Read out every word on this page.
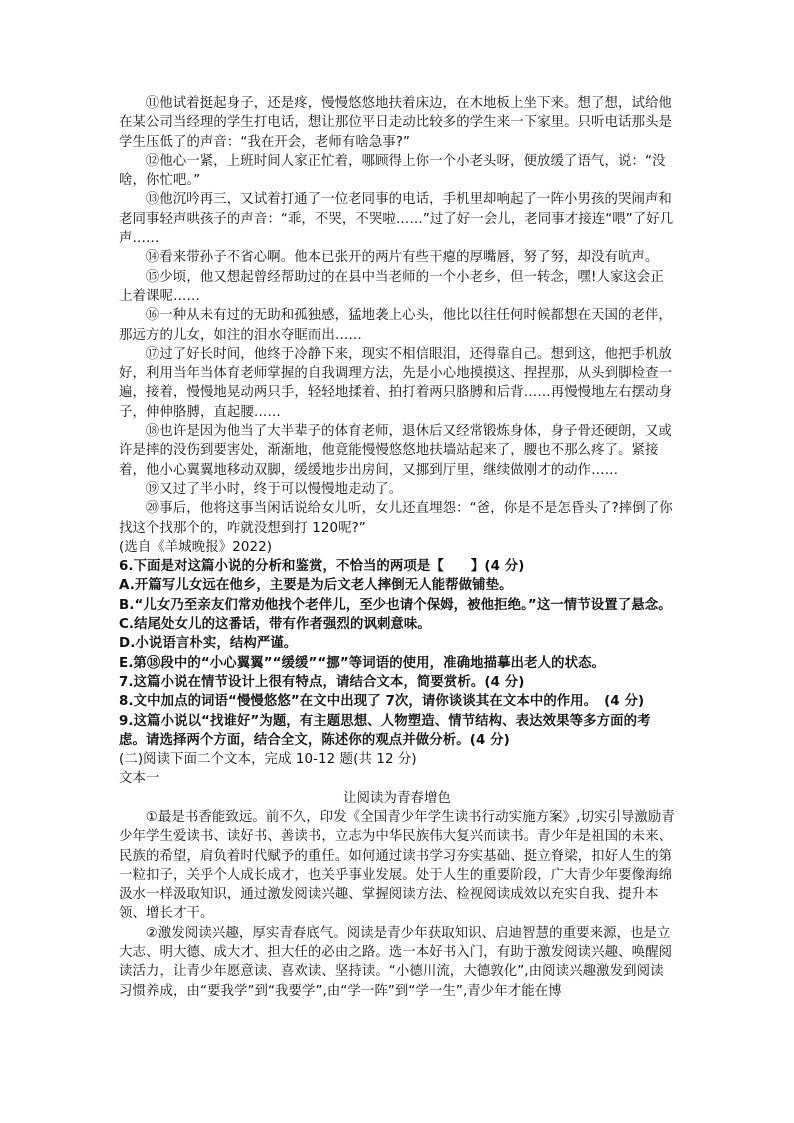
⑪他试着挺起身子，还是疼，慢慢悠悠地扶着床边，在木地板上坐下来。想了想，试给他在某公司当经理的学生打电话，想让那位平日走动比较多的学生来一下家里。只听电话那头是学生压低了的声音：“我在开会，老师有啥急事?”

⑫他心一紧，上班时间人家正忙着，哪顾得上你一个小老头呀，便放缓了语气，说：“没啥，你忙吧。”

⑬他沉吟再三，又试着打通了一位老同事的电话，手机里却响起了一阵小男孩的哭闹声和老同事轻声哄孩子的声音：“乖，不哭，不哭啦……”过了好一会儿，老同事才接连“喂”了好几声……

⑭看来带孙子不省心啊。他本已张开的两片有些干瘪的厚嘴唇，努了努，却没有吭声。

⑮少顷，他又想起曾经帮助过的在县中当老师的一个小老乡，但一转念，嘿!人家这会正上着课呢……

⑯一种从未有过的无助和孤独感，猛地袭上心头，他比以往任何时候都想在天国的老伴，那远方的儿女，如注的泪水夺眶而出……

⑰过了好长时间，他终于冷静下来，现实不相信眼泪，还得靠自己。想到这，他把手机放好，利用当年当体育老师掌握的自我调理方法，先是小心地摸摸这、捏捏那，从头到脚检查一遍，接着，慢慢地晃动两只手，轻轻地揉着、拍打着两只胳膊和后背……再慢慢地左右摆动身子，伸伸胳膊，直起腰……

⑱也许是因为他当了大半辈子的体育老师，退休后又经常锻炼身体，身子骨还硬朗，又或许是摔的没伤到要害处，渐渐地，他竟能慢慢悠悠地扶墙站起来了，腰也不那么疼了。紧接着，他小心翼翼地移动双脚，缓缓地步出房间，又挪到厅里，继续做刚才的动作……

⑲又过了半小时，终于可以慢慢地走动了。

⑳事后，他将这事当闲话说给女儿听，女儿还直埋怨：“爸，你是不是怎昏头了?摔倒了你找这个找那个的，咋就没想到打 120呢?”

(选自《羊城晚报》2022)

6.下面是对这篇小说的分析和鉴赏，不恰当的两项是【　　】(4 分)

A.开篇写儿女远在他乡，主要是为后文老人摔倒无人能帮做铺垫。

B.“儿女乃至亲友们常劝他找个老伴儿，至少也请个保姆，被他拒绝。”这一情节设置了悬念。

C.结尾处女儿的这番话，带有作者强烈的讽刺意味。

D.小说语言朴实，结构严谨。

E.第⑱段中的“小心翼翼”“缓缓”“挪”等词语的使用，准确地描摹出老人的状态。

7.这篇小说在情节设计上很有特点，请结合文本，简要赏析。(4 分)

8.文中加点的词语“慢慢悠悠”在文中出现了 7次，请你谈谈其在文本中的作用。　(4 分)

9.这篇小说以“找谁好”为题，有主题思想、人物塑造、情节结构、表达效果等多方面的考虑。请选择两个方面，结合全文，陈述你的观点并做分析。(4 分)

(二)阅读下面二个文本，完成 10-12 题(共 12 分)

文本一

让阅读为青春增色

①最是书香能致远。前不久，印发《全国青少年学生读书行动实施方案》,切实引导激励青少年学生爱读书、读好书、善读书，立志为中华民族伟大复兴而读书。青少年是祖国的未来、民族的希望，肩负着时代赋予的重任。如何通过读书学习夯实基础、挺立脊梁，扣好人生的第一粒扣子，关乎个人成长成才，也关乎事业发展。处于人生的重要阶段，广大青少年要像海绵汲水一样汲取知识，通过激发阅读兴趣、掌握阅读方法、检视阅读成效以充实自我、提升本领、增长才干。

②激发阅读兴趣，厚实青春底气。阅读是青少年获取知识、启迪智慧的重要来源，也是立大志、明大德、成大才、担大任的必由之路。选一本好书入门，有助于激发阅读兴趣、唤醒阅读活力，让青少年愿意读、喜欢读、坚持读。“小德川流，大德敦化”,由阅读兴趣激发到阅读习惯养成，由“要我学”到“我要学”,由“学一阵”到“学一生”,青少年才能在博
